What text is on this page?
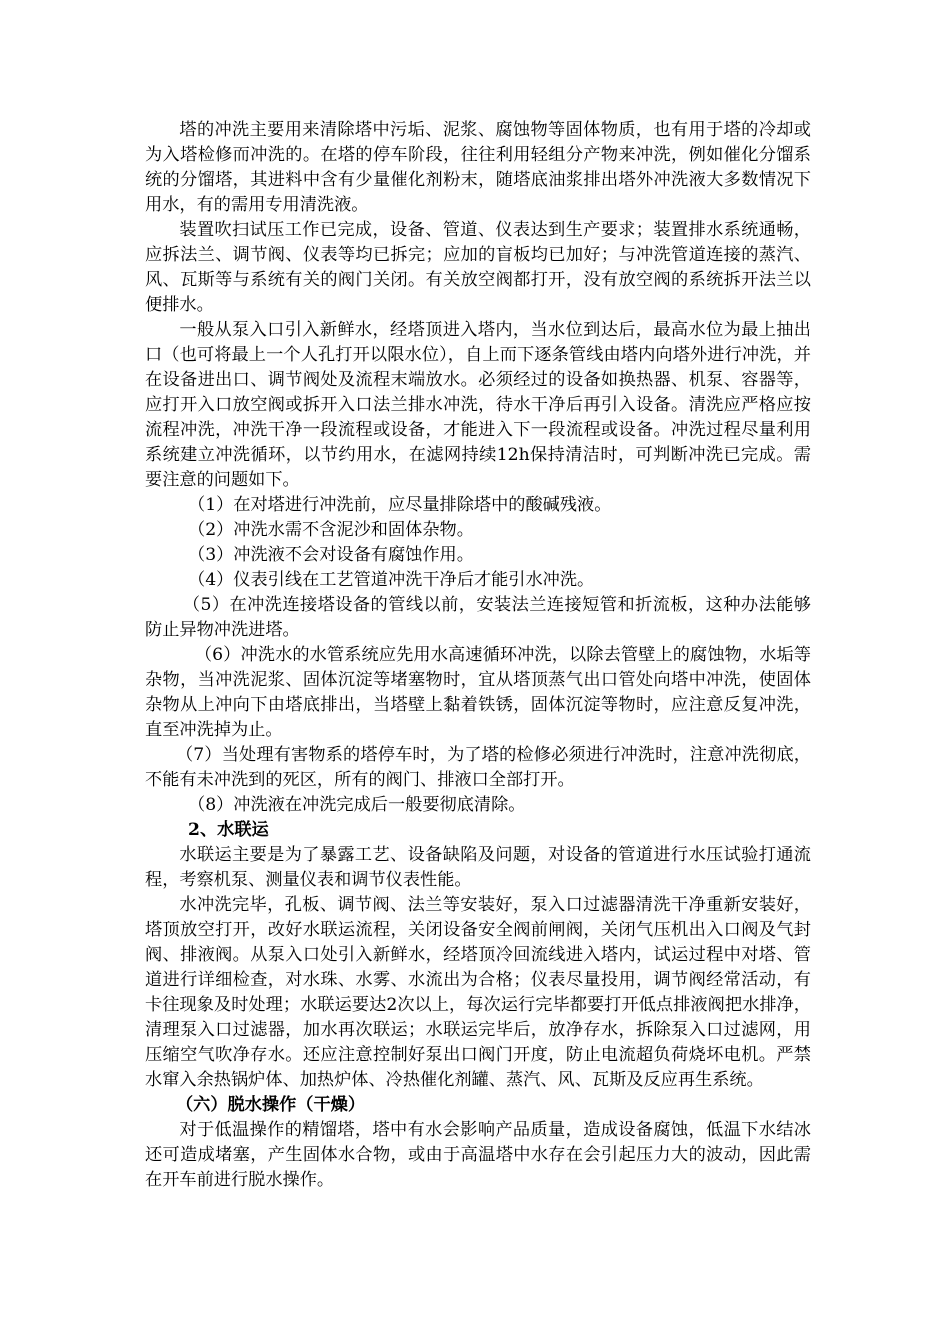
塔的冲洗主要用来清除塔中污垢、泥浆、腐蚀物等固体物质，也有用于塔的冷却或为入塔检修而冲洗的。在塔的停车阶段，往往利用轻组分产物来冲洗，例如催化分馏系统的分馏塔，其进料中含有少量催化剂粉末，随塔底油浆排出塔外冲洗液大多数情况下用水，有的需用专用清洗液。

装置吹扫试压工作已完成，设备、管道、仪表达到生产要求；装置排水系统通畅，应拆法兰、调节阀、仪表等均已拆完；应加的盲板均已加好；与冲洗管道连接的蒸汽、风、瓦斯等与系统有关的阀门关闭。有关放空阀都打开，没有放空阀的系统拆开法兰以便排水。

一般从泵入口引入新鲜水，经塔顶进入塔内，当水位到达后，最高水位为最上抽出口（也可将最上一个人孔打开以限水位），自上而下逐条管线由塔内向塔外进行冲洗，并在设备进出口、调节阀处及流程末端放水。必须经过的设备如换热器、机泵、容器等，应打开入口放空阀或拆开入口法兰排水冲洗，待水干净后再引入设备。清洗应严格应按流程冲洗，冲洗干净一段流程或设备，才能进入下一段流程或设备。冲洗过程尽量利用系统建立冲洗循环，以节约用水，在滤网持续12h保持清洁时，可判断冲洗已完成。需要注意的问题如下。

（1）在对塔进行冲洗前，应尽量排除塔中的酸碱残液。

（2）冲洗水需不含泥沙和固体杂物。

（3）冲洗液不会对设备有腐蚀作用。

（4）仪表引线在工艺管道冲洗干净后才能引水冲洗。

（5）在冲洗连接塔设备的管线以前，安装法兰连接短管和折流板，这种办法能够防止异物冲洗进塔。

（6）冲洗水的水管系统应先用水高速循环冲洗，以除去管壁上的腐蚀物，水垢等杂物，当冲洗泥浆、固体沉淀等堵塞物时，宜从塔顶蒸气出口管处向塔中冲洗，使固体杂物从上冲向下由塔底排出，当塔壁上黏着铁锈，固体沉淀等物时，应注意反复冲洗，直至冲洗掉为止。

（7）当处理有害物系的塔停车时，为了塔的检修必须进行冲洗时，注意冲洗彻底，不能有未冲洗到的死区，所有的阀门、排液口全部打开。

（8）冲洗液在冲洗完成后一般要彻底清除。

2、水联运

水联运主要是为了暴露工艺、设备缺陷及问题，对设备的管道进行水压试验打通流程，考察机泵、测量仪表和调节仪表性能。

水冲洗完毕，孔板、调节阀、法兰等安装好，泵入口过滤器清洗干净重新安装好，塔顶放空打开，改好水联运流程，关闭设备安全阀前闸阀，关闭气压机出入口阀及气封阀、排液阀。从泵入口处引入新鲜水，经塔顶冷回流线进入塔内，试运过程中对塔、管道进行详细检查，对水珠、水雾、水流出为合格；仪表尽量投用，调节阀经常活动，有卡往现象及时处理；水联运要达2次以上，每次运行完毕都要打开低点排液阀把水排净，清理泵入口过滤器，加水再次联运；水联运完毕后，放净存水，拆除泵入口过滤网，用压缩空气吹净存水。还应注意控制好泵出口阀门开度，防止电流超负荷烧坏电机。严禁水窜入余热锅炉体、加热炉体、冷热催化剂罐、蒸汽、风、瓦斯及反应再生系统。

（六）脱水操作（干燥）

对于低温操作的精馏塔，塔中有水会影响产品质量，造成设备腐蚀，低温下水结冰还可造成堵塞，产生固体水合物，或由于高温塔中水存在会引起压力大的波动，因此需在开车前进行脱水操作。
